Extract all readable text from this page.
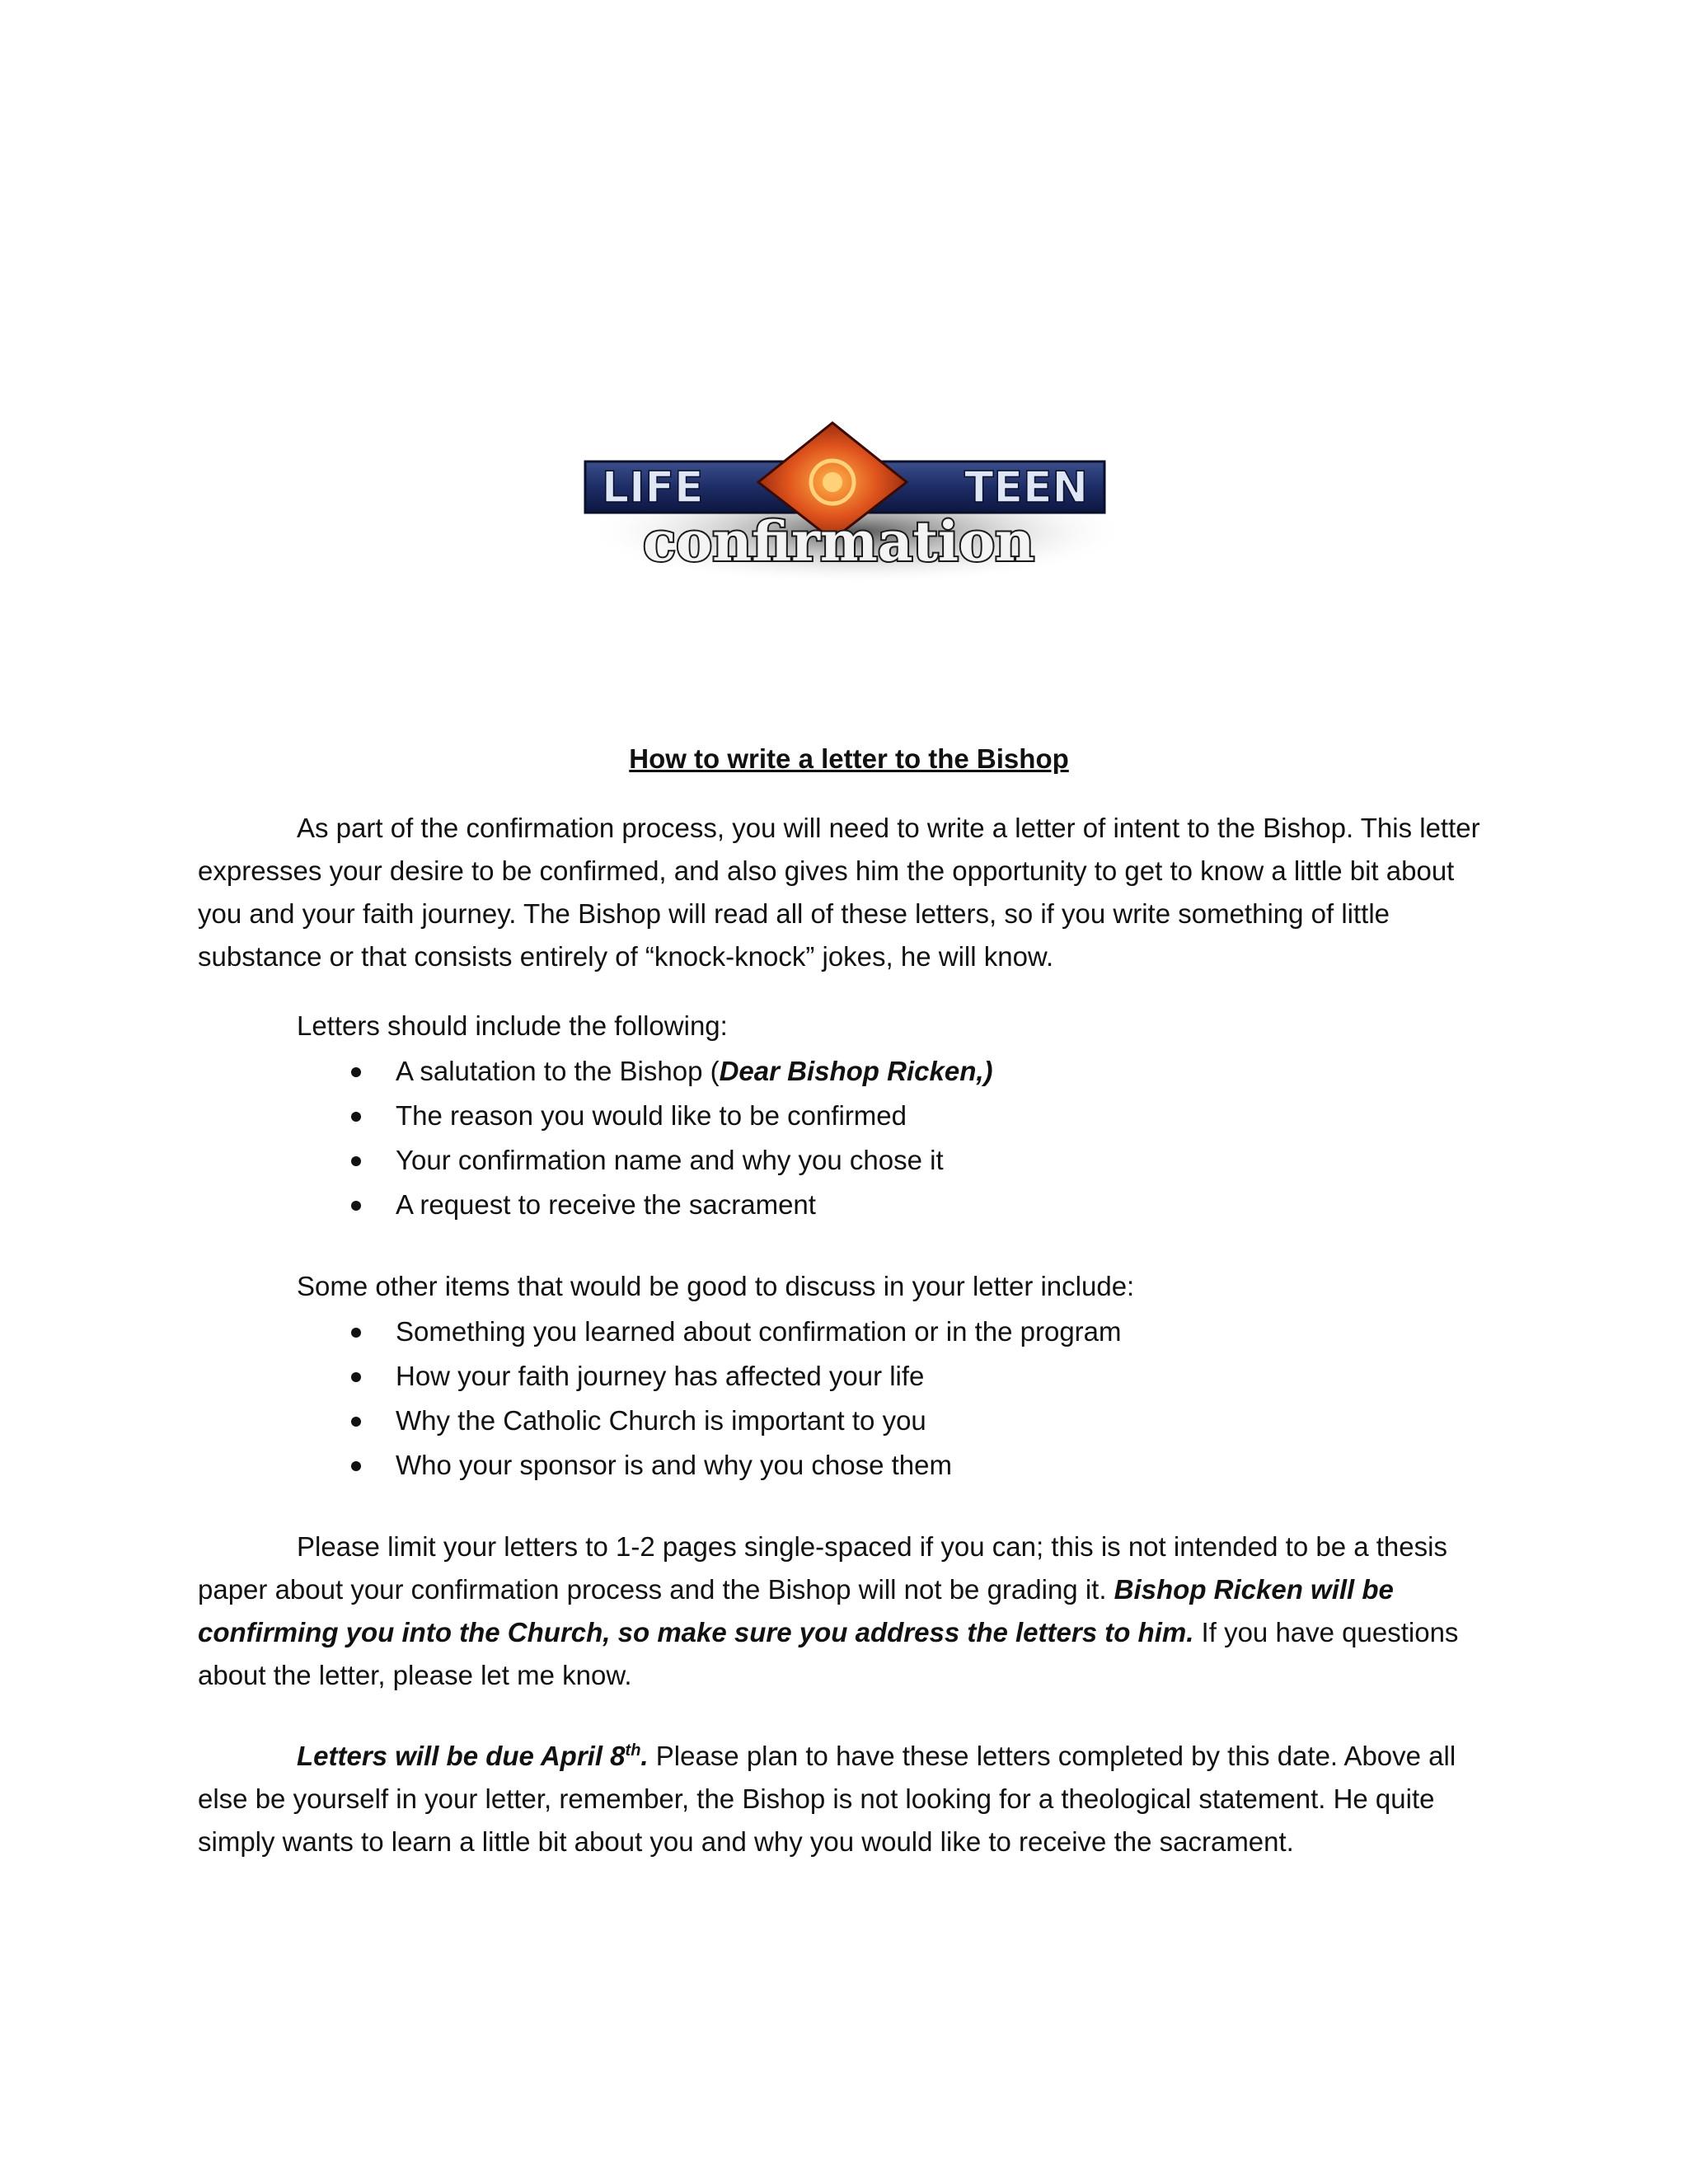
LIFE	TEEN
confirmation
How to write a letter to the Bishop

As part of the confirmation process, you will need to write a letter of intent to the Bishop. This letter expresses your desire to be confirmed, and also gives him the opportunity to get to know a little bit about you and your faith journey. The Bishop will read all of these letters, so if you write something of little substance or that consists entirely of “knock-knock” jokes, he will know.

Letters should include the following:

A salutation to the Bishop (Dear Bishop Ricken,)
The reason you would like to be confirmed
Your confirmation name and why you chose it
A request to receive the sacrament

Some other items that would be good to discuss in your letter include:

Something you learned about confirmation or in the program
How your faith journey has affected your life
Why the Catholic Church is important to you
Who your sponsor is and why you chose them

Please limit your letters to 1-2 pages single-spaced if you can; this is not intended to be a thesis paper about your confirmation process and the Bishop will not be grading it. Bishop Ricken will be confirming you into the Church, so make sure you address the letters to him. If you have questions about the letter, please let me know.

Letters will be due April 8th. Please plan to have these letters completed by this date. Above all else be yourself in your letter, remember, the Bishop is not looking for a theological statement. He quite simply wants to learn a little bit about you and why you would like to receive the sacrament.
